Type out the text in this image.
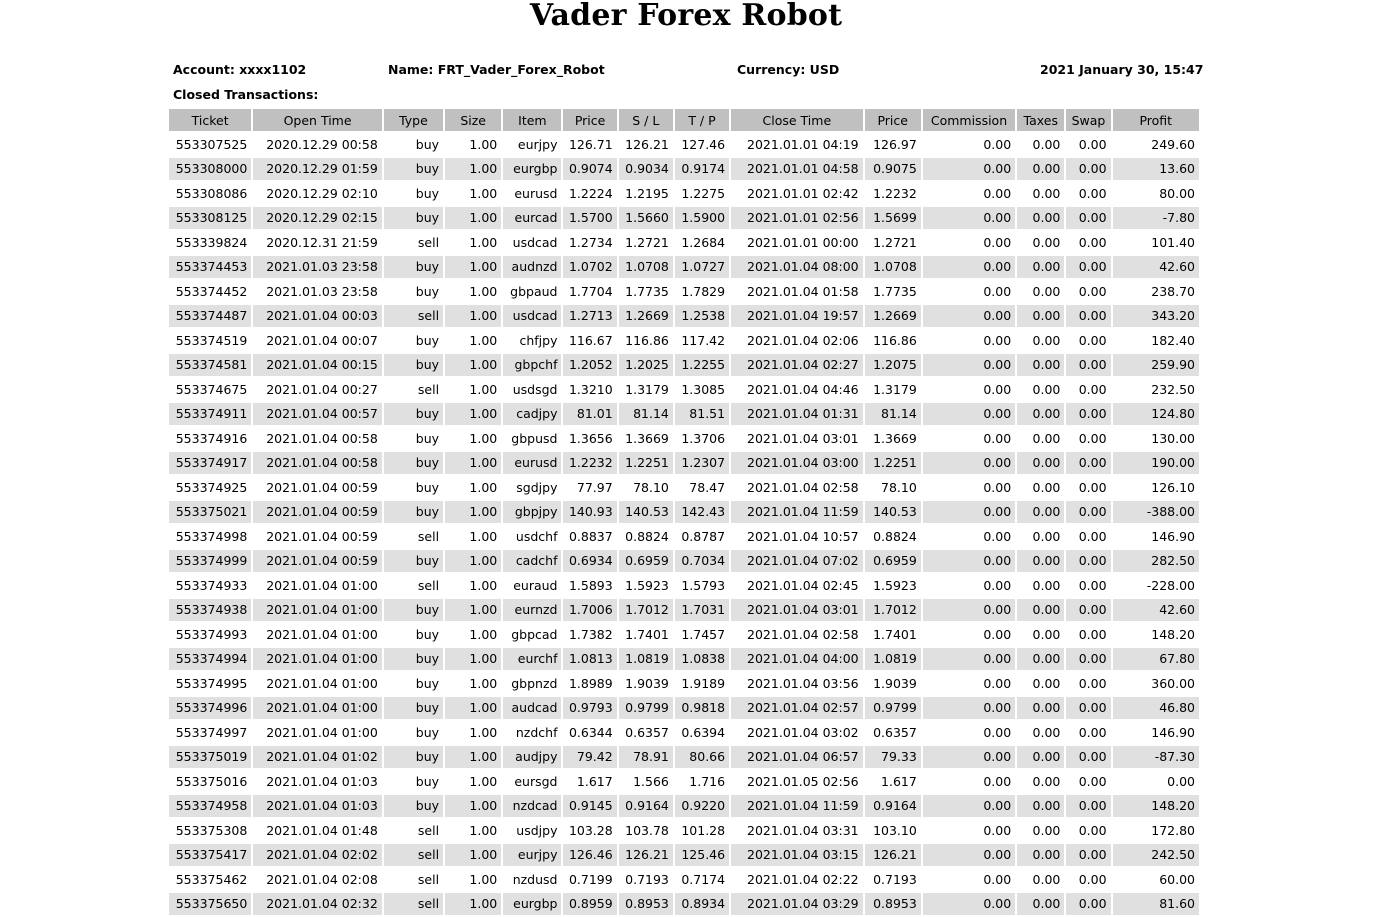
Vader Forex Robot
Account: xxxx1102	Name: FRT_Vader_Forex_Robot	Currency: USD	2021 January 30, 15:47
Closed Transactions:
Ticket	Open Time	Type	Size	Item	Price	S / L	T / P	Close Time	Price	Commission	Taxes	Swap	Profit
553307525	2020.12.29 00:58	buy	1.00	eurjpy	126.71	126.21	127.46	2021.01.01 04:19	126.97	0.00	0.00	0.00	249.60
553308000	2020.12.29 01:59	buy	1.00	eurgbp	0.9074	0.9034	0.9174	2021.01.01 04:58	0.9075	0.00	0.00	0.00	13.60
553308086	2020.12.29 02:10	buy	1.00	eurusd	1.2224	1.2195	1.2275	2021.01.01 02:42	1.2232	0.00	0.00	0.00	80.00
553308125	2020.12.29 02:15	buy	1.00	eurcad	1.5700	1.5660	1.5900	2021.01.01 02:56	1.5699	0.00	0.00	0.00	-7.80
553339824	2020.12.31 21:59	sell	1.00	usdcad	1.2734	1.2721	1.2684	2021.01.01 00:00	1.2721	0.00	0.00	0.00	101.40
553374453	2021.01.03 23:58	buy	1.00	audnzd	1.0702	1.0708	1.0727	2021.01.04 08:00	1.0708	0.00	0.00	0.00	42.60
553374452	2021.01.03 23:58	buy	1.00	gbpaud	1.7704	1.7735	1.7829	2021.01.04 01:58	1.7735	0.00	0.00	0.00	238.70
553374487	2021.01.04 00:03	sell	1.00	usdcad	1.2713	1.2669	1.2538	2021.01.04 19:57	1.2669	0.00	0.00	0.00	343.20
553374519	2021.01.04 00:07	buy	1.00	chfjpy	116.67	116.86	117.42	2021.01.04 02:06	116.86	0.00	0.00	0.00	182.40
553374581	2021.01.04 00:15	buy	1.00	gbpchf	1.2052	1.2025	1.2255	2021.01.04 02:27	1.2075	0.00	0.00	0.00	259.90
553374675	2021.01.04 00:27	sell	1.00	usdsgd	1.3210	1.3179	1.3085	2021.01.04 04:46	1.3179	0.00	0.00	0.00	232.50
553374911	2021.01.04 00:57	buy	1.00	cadjpy	81.01	81.14	81.51	2021.01.04 01:31	81.14	0.00	0.00	0.00	124.80
553374916	2021.01.04 00:58	buy	1.00	gbpusd	1.3656	1.3669	1.3706	2021.01.04 03:01	1.3669	0.00	0.00	0.00	130.00
553374917	2021.01.04 00:58	buy	1.00	eurusd	1.2232	1.2251	1.2307	2021.01.04 03:00	1.2251	0.00	0.00	0.00	190.00
553374925	2021.01.04 00:59	buy	1.00	sgdjpy	77.97	78.10	78.47	2021.01.04 02:58	78.10	0.00	0.00	0.00	126.10
553375021	2021.01.04 00:59	buy	1.00	gbpjpy	140.93	140.53	142.43	2021.01.04 11:59	140.53	0.00	0.00	0.00	-388.00
553374998	2021.01.04 00:59	sell	1.00	usdchf	0.8837	0.8824	0.8787	2021.01.04 10:57	0.8824	0.00	0.00	0.00	146.90
553374999	2021.01.04 00:59	buy	1.00	cadchf	0.6934	0.6959	0.7034	2021.01.04 07:02	0.6959	0.00	0.00	0.00	282.50
553374933	2021.01.04 01:00	sell	1.00	euraud	1.5893	1.5923	1.5793	2021.01.04 02:45	1.5923	0.00	0.00	0.00	-228.00
553374938	2021.01.04 01:00	buy	1.00	eurnzd	1.7006	1.7012	1.7031	2021.01.04 03:01	1.7012	0.00	0.00	0.00	42.60
553374993	2021.01.04 01:00	buy	1.00	gbpcad	1.7382	1.7401	1.7457	2021.01.04 02:58	1.7401	0.00	0.00	0.00	148.20
553374994	2021.01.04 01:00	buy	1.00	eurchf	1.0813	1.0819	1.0838	2021.01.04 04:00	1.0819	0.00	0.00	0.00	67.80
553374995	2021.01.04 01:00	buy	1.00	gbpnzd	1.8989	1.9039	1.9189	2021.01.04 03:56	1.9039	0.00	0.00	0.00	360.00
553374996	2021.01.04 01:00	buy	1.00	audcad	0.9793	0.9799	0.9818	2021.01.04 02:57	0.9799	0.00	0.00	0.00	46.80
553374997	2021.01.04 01:00	buy	1.00	nzdchf	0.6344	0.6357	0.6394	2021.01.04 03:02	0.6357	0.00	0.00	0.00	146.90
553375019	2021.01.04 01:02	buy	1.00	audjpy	79.42	78.91	80.66	2021.01.04 06:57	79.33	0.00	0.00	0.00	-87.30
553375016	2021.01.04 01:03	buy	1.00	eursgd	1.617	1.566	1.716	2021.01.05 02:56	1.617	0.00	0.00	0.00	0.00
553374958	2021.01.04 01:03	buy	1.00	nzdcad	0.9145	0.9164	0.9220	2021.01.04 11:59	0.9164	0.00	0.00	0.00	148.20
553375308	2021.01.04 01:48	sell	1.00	usdjpy	103.28	103.78	101.28	2021.01.04 03:31	103.10	0.00	0.00	0.00	172.80
553375417	2021.01.04 02:02	sell	1.00	eurjpy	126.46	126.21	125.46	2021.01.04 03:15	126.21	0.00	0.00	0.00	242.50
553375462	2021.01.04 02:08	sell	1.00	nzdusd	0.7199	0.7193	0.7174	2021.01.04 02:22	0.7193	0.00	0.00	0.00	60.00
553375650	2021.01.04 02:32	sell	1.00	eurgbp	0.8959	0.8953	0.8934	2021.01.04 03:29	0.8953	0.00	0.00	0.00	81.60
